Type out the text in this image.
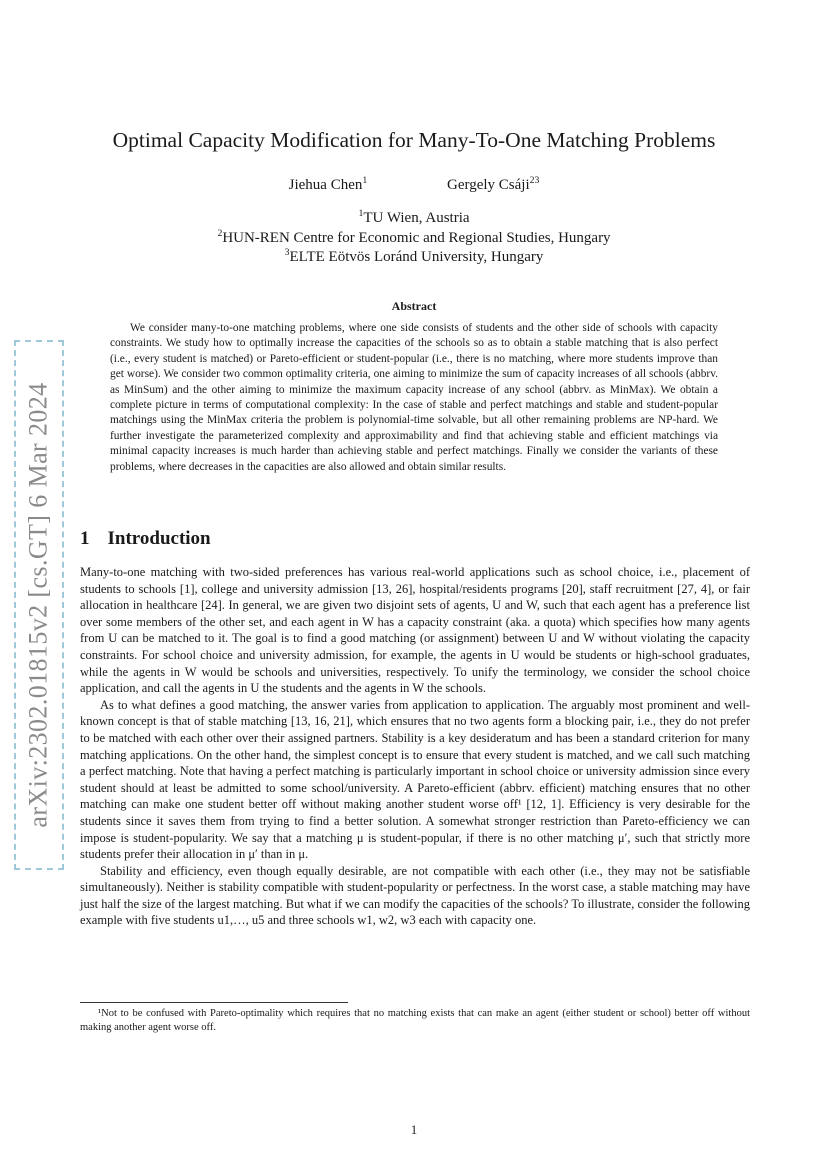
arXiv:2302.01815v2 [cs.GT] 6 Mar 2024
Optimal Capacity Modification for Many-To-One Matching Problems
Jiehua Chen$^1$	Gergely Csáji$^{23}$
$^1$TU Wien, Austria
$^2$HUN-REN Centre for Economic and Regional Studies, Hungary
$^3$ELTE Eötvös Loránd University, Hungary
Abstract

We consider many-to-one matching problems, where one side consists of students and the other side of schools with capacity constraints. We study how to optimally increase the capacities of the schools so as to obtain a stable matching that is also perfect (i.e., every student is matched) or Pareto-efficient or student-popular (i.e., there is no matching, where more students improve than get worse). We consider two common optimality criteria, one aiming to minimize the sum of capacity increases of all schools (abbrv. as MinSum) and the other aiming to minimize the maximum capacity increase of any school (abbrv. as MinMax). We obtain a complete picture in terms of computational complexity: In the case of stable and perfect matchings and stable and student-popular matchings using the MinMax criteria the problem is polynomial-time solvable, but all other remaining problems are NP-hard. We further investigate the parameterized complexity and approximability and find that achieving stable and efficient matchings via minimal capacity increases is much harder than achieving stable and perfect matchings. Finally we consider the variants of these problems, where decreases in the capacities are also allowed and obtain similar results.

1 Introduction

Many-to-one matching with two-sided preferences has various real-world applications such as school choice, i.e., placement of students to schools [1], college and university admission [13, 26], hospital/residents programs [20], staff recruitment [27, 4], or fair allocation in healthcare [24]. In general, we are given two disjoint sets of agents, U and W, such that each agent has a preference list over some members of the other set, and each agent in W has a capacity constraint (aka. a quota) which specifies how many agents from U can be matched to it. The goal is to find a good matching (or assignment) between U and W without violating the capacity constraints. For school choice and university admission, for example, the agents in U would be students or high-school graduates, while the agents in W would be schools and universities, respectively. To unify the terminology, we consider the school choice application, and call the agents in U the students and the agents in W the schools.

As to what defines a good matching, the answer varies from application to application. The arguably most prominent and well-known concept is that of stable matching [13, 16, 21], which ensures that no two agents form a blocking pair, i.e., they do not prefer to be matched with each other over their assigned partners. Stability is a key desideratum and has been a standard criterion for many matching applications. On the other hand, the simplest concept is to ensure that every student is matched, and we call such matching a perfect matching. Note that having a perfect matching is particularly important in school choice or university admission since every student should at least be admitted to some school/university. A Pareto-efficient (abbrv. efficient) matching ensures that no other matching can make one student better off without making another student worse off¹ [12, 1]. Efficiency is very desirable for the students since it saves them from trying to find a better solution. A somewhat stronger restriction than Pareto-efficiency we can impose is student-popularity. We say that a matching μ is student-popular, if there is no other matching μ′, such that strictly more students prefer their allocation in μ′ than in μ.

Stability and efficiency, even though equally desirable, are not compatible with each other (i.e., they may not be satisfiable simultaneously). Neither is stability compatible with student-popularity or perfectness. In the worst case, a stable matching may have just half the size of the largest matching. But what if we can modify the capacities of the schools? To illustrate, consider the following example with five students u1,…, u5 and three schools w1, w2, w3 each with capacity one.

¹Not to be confused with Pareto-optimality which requires that no matching exists that can make an agent (either student or school) better off without making another agent worse off.

1
